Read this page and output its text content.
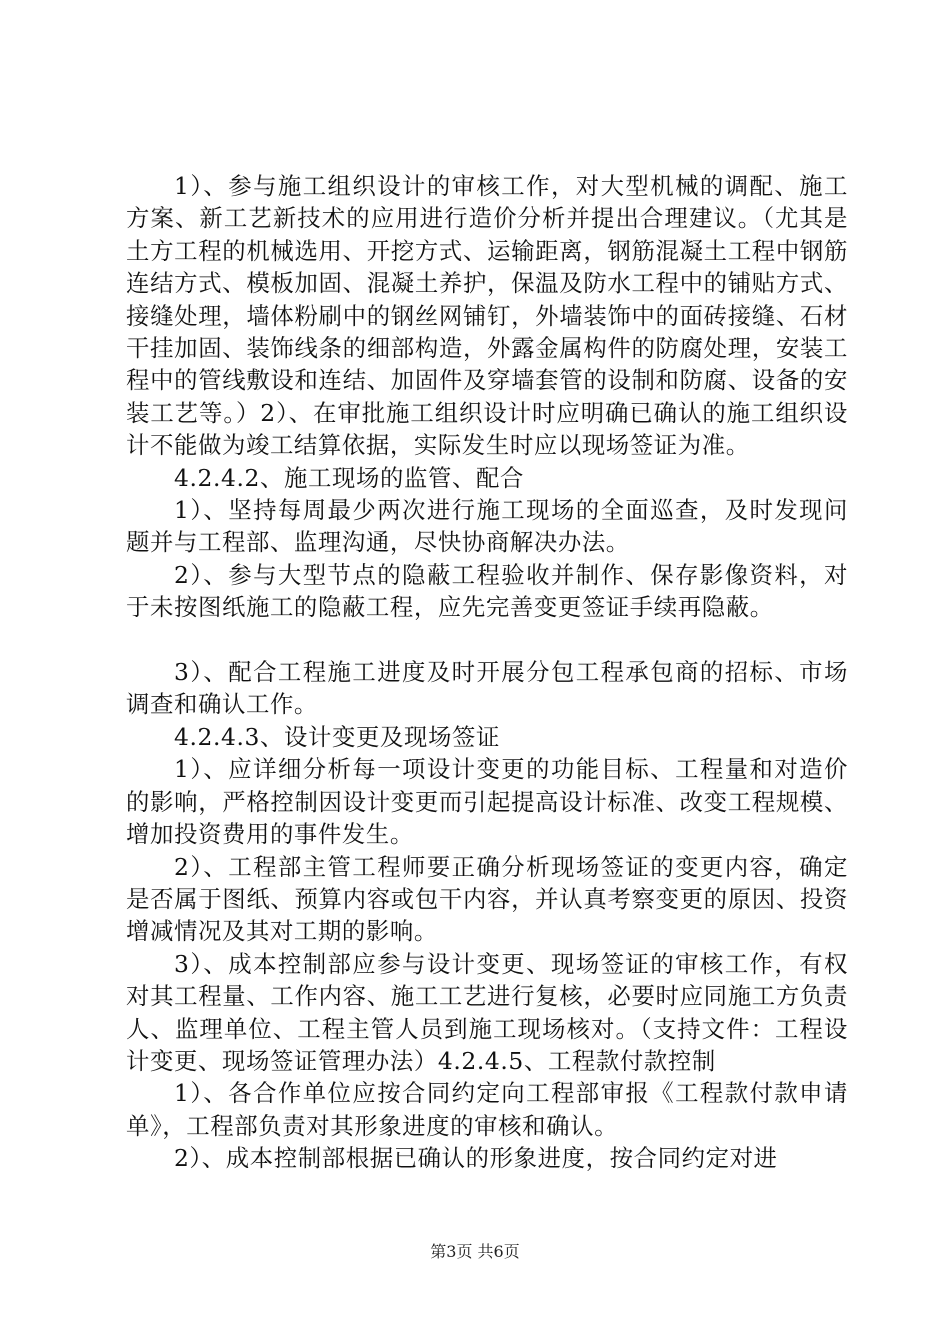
1）、参与施工组织设计的审核工作，对大型机械的调配、施工方案、新工艺新技术的应用进行造价分析并提出合理建议。（尤其是土方工程的机械选用、开挖方式、运输距离，钢筋混凝土工程中钢筋连结方式、模板加固、混凝土养护，保温及防水工程中的铺贴方式、接缝处理，墙体粉刷中的钢丝网铺钉，外墙装饰中的面砖接缝、石材干挂加固、装饰线条的细部构造，外露金属构件的防腐处理，安装工程中的管线敷设和连结、加固件及穿墙套管的设制和防腐、设备的安装工艺等。）2）、在审批施工组织设计时应明确已确认的施工组织设计不能做为竣工结算依据，实际发生时应以现场签证为准。

4.2.4.2、施工现场的监管、配合

1）、坚持每周最少两次进行施工现场的全面巡查，及时发现问题并与工程部、监理沟通，尽快协商解决办法。

2）、参与大型节点的隐蔽工程验收并制作、保存影像资料，对于未按图纸施工的隐蔽工程，应先完善变更签证手续再隐蔽。

3）、配合工程施工进度及时开展分包工程承包商的招标、市场调查和确认工作。

4.2.4.3、设计变更及现场签证

1）、应详细分析每一项设计变更的功能目标、工程量和对造价的影响，严格控制因设计变更而引起提高设计标准、改变工程规模、增加投资费用的事件发生。

2）、工程部主管工程师要正确分析现场签证的变更内容，确定是否属于图纸、预算内容或包干内容，并认真考察变更的原因、投资增减情况及其对工期的影响。

3）、成本控制部应参与设计变更、现场签证的审核工作，有权对其工程量、工作内容、施工工艺进行复核，必要时应同施工方负责人、监理单位、工程主管人员到施工现场核对。（支持文件：工程设计变更、现场签证管理办法）4.2.4.5、工程款付款控制

1）、各合作单位应按合同约定向工程部审报《工程款付款申请单》，工程部负责对其形象进度的审核和确认。

2）、成本控制部根据已确认的形象进度，按合同约定对进

第3页 共6页
